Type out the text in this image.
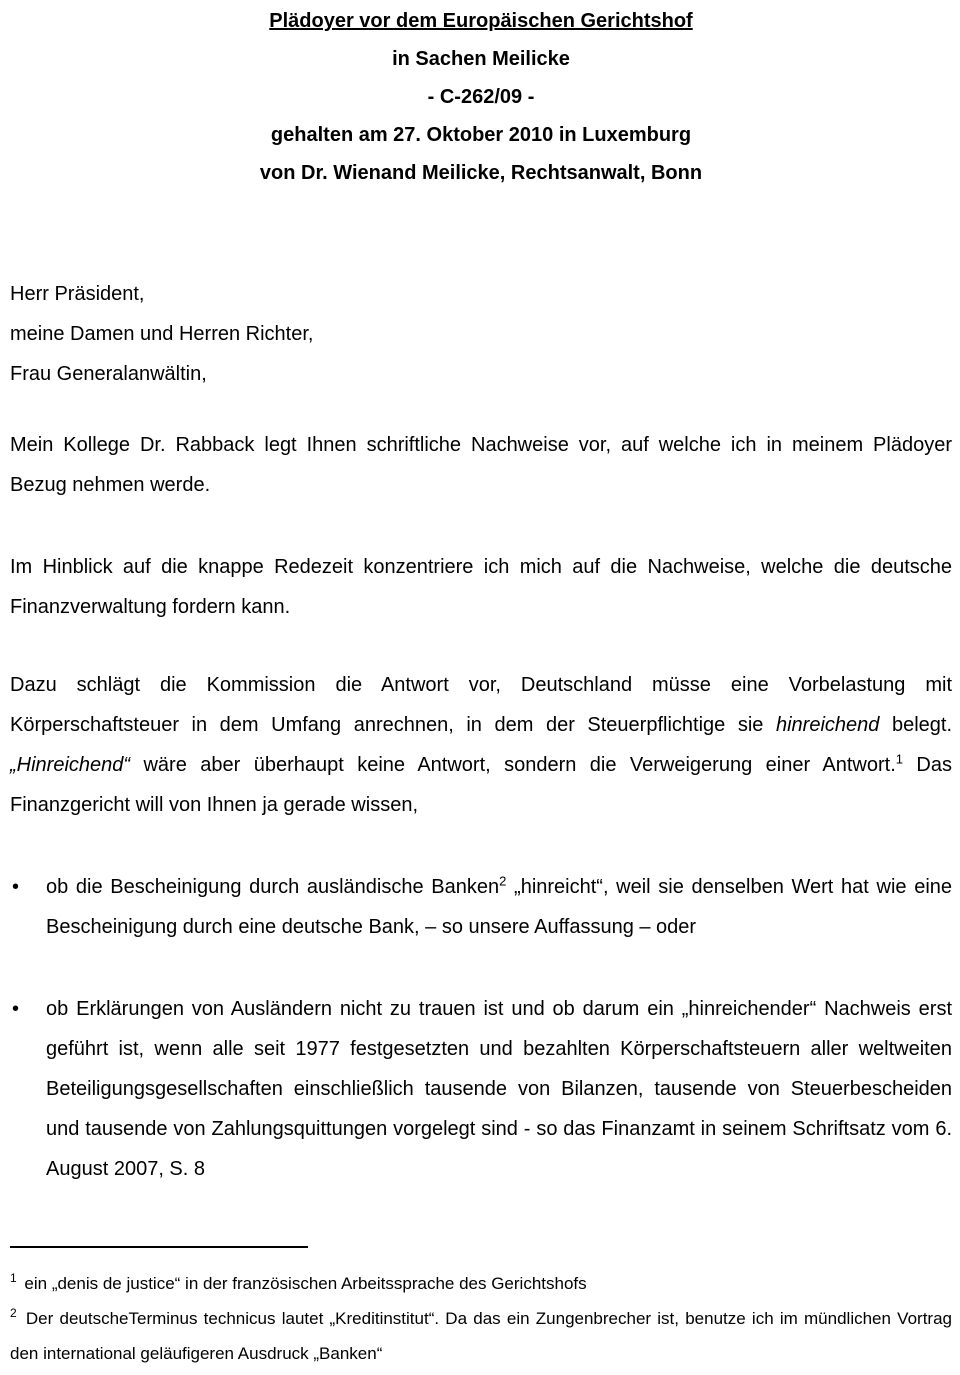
Plädoyer vor dem Europäischen Gerichtshof
in Sachen Meilicke
- C-262/09 -
gehalten am 27. Oktober 2010 in Luxemburg
von Dr. Wienand Meilicke, Rechtsanwalt, Bonn
Herr Präsident,
meine Damen und Herren Richter,
Frau Generalanwältin,

Mein Kollege Dr. Rabback legt Ihnen schriftliche Nachweise vor, auf welche ich in meinem Plädoyer Bezug nehmen werde.

Im Hinblick auf die knappe Redezeit konzentriere ich mich auf die Nachweise, welche die deutsche Finanzverwaltung fordern kann.

Dazu schlägt die Kommission die Antwort vor, Deutschland müsse eine Vorbelastung mit Körperschaftsteuer in dem Umfang anrechnen, in dem der Steuerpflichtige sie hinreichend belegt. „Hinreichend“ wäre aber überhaupt keine Antwort, sondern die Verweigerung einer Antwort.$^1$ Das Finanzgericht will von Ihnen ja gerade wissen,

• ob die Bescheinigung durch ausländische Banken$^2$ „hinreicht“, weil sie denselben Wert hat wie eine Bescheinigung durch eine deutsche Bank, – so unsere Auffassung – oder
• ob Erklärungen von Ausländern nicht zu trauen ist und ob darum ein „hinreichender“ Nachweis erst geführt ist, wenn alle seit 1977 festgesetzten und bezahlten Körperschaftsteuern aller weltweiten Beteiligungsgesellschaften einschließlich tausende von Bilanzen, tausende von Steuerbescheiden und tausende von Zahlungsquittungen vorgelegt sind - so das Finanzamt in seinem Schriftsatz vom 6. August 2007, S. 8
$^1$ ein „denis de justice“ in der französischen Arbeitssprache des Gerichtshofs
$^2$ Der deutscheTerminus technicus lautet „Kreditinstitut“. Da das ein Zungenbrecher ist, benutze ich im mündlichen Vortrag den international geläufigeren Ausdruck „Banken“
